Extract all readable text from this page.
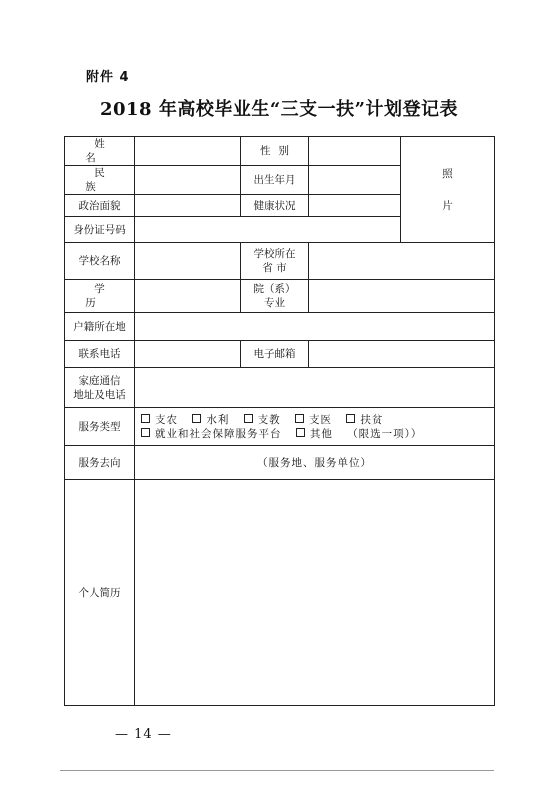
附件 4
2018 年高校毕业生“三支一扶”计划登记表
姓名		性别		照
片

民族		出生年月		
政治面貌		健康状况		
身份证号码				
学校名称		学校所在
省 市		

学历		院（系）
专业		

户籍所在地				
联系电话		电子邮箱		

家庭通信
地址及电话				

服务类型	支农 水利 支教 支医 扶贫
就业和社会保障服务平台 其他 （限选一项））			

服务去向	（服务地、服务单位）			

个人简历				
— 14 —
